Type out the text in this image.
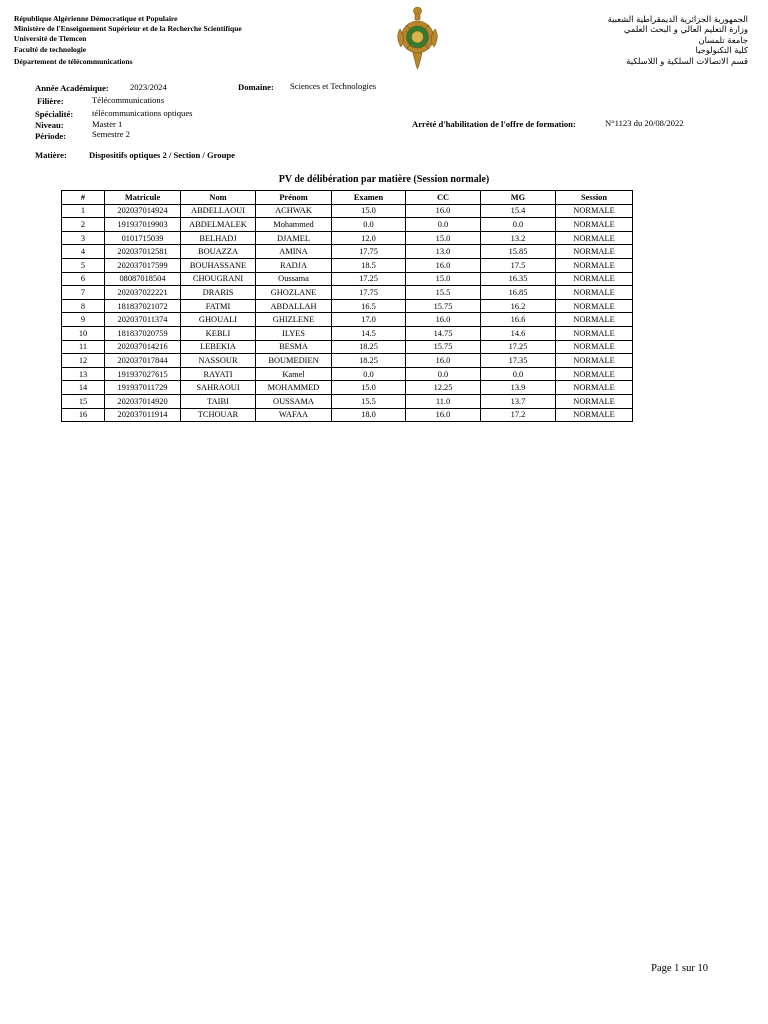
République Algérienne Démocratique et Populaire
Ministère de l'Enseignement Supérieur et de la Recherche Scientifique
Université de Tlemcen
Faculté de technologie
Département de télécommunications
الجمهورية الجزائرية الديمقراطية الشعبية
وزارة التعليم العالي و البحث العلمي
جامعة تلمسان
كلية التكنولوجيا
قسم الاتصالات السلكية و اللاسلكية
Année Académique: 2023/2024	Domaine: Sciences et Technologies
Filière:	Télécommunications
Spécialité: télécommunications optiques
Niveau:	Master 1	Arrêté d'habilitation de l'offre de formation:	N°1123 du 20/08/2022
Période:	Semestre 2
Matière:	Dispositifs optiques 2 / Section / Groupe
PV de délibération par matière (Session normale)
#	Matricule	Nom	Prénom	Examen	CC	MG	Session
1	202037014924	ABDELLAOUI	ACHWAK	15.0	16.0	15.4	NORMALE
2	191937019903	ABDELMALEK	Mohammed	0.0	0.0	0.0	NORMALE
3	0101715039	BELHADJ	DJAMEL	12.0	15.0	13.2	NORMALE
4	202037012581	BOUAZZA	AMINA	17.75	13.0	15.85	NORMALE
5	202037017599	BOUHASSANE	RADJA	18.5	16.0	17.5	NORMALE
6	08087018504	CHOUGRANI	Oussama	17.25	15.0	16.35	NORMALE
7	202037022221	DRARIS	GHOZLANE	17.75	15.5	16.85	NORMALE
8	181837021072	FATMI	ABDALLAH	16.5	15.75	16.2	NORMALE
9	202037011374	GHOUALI	GHIZLENE	17.0	16.0	16.6	NORMALE
10	181837020759	KEBLI	ILYES	14.5	14.75	14.6	NORMALE
11	202037014216	LEBEKIA	BESMA	18.25	15.75	17.25	NORMALE
12	202037017844	NASSOUR	BOUMEDIEN	18.25	16.0	17.35	NORMALE
13	191937027615	RAYATI	Kamel	0.0	0.0	0.0	NORMALE
14	191937011729	SAHRAOUI	MOHAMMED	15.0	12.25	13.9	NORMALE
15	202037014920	TAIBI	OUSSAMA	15.5	11.0	13.7	NORMALE
16	202037011914	TCHOUAR	WAFAA	18.0	16.0	17.2	NORMALE
Page 1 sur 10
